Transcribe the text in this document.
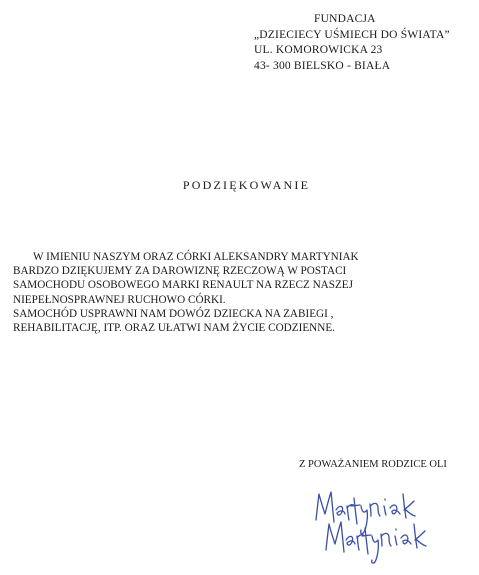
FUNDACJA
„DZIECIECY UŚMIECH DO ŚWIATA”
UL. KOMOROWICKA 23
43- 300 BIELSKO - BIAŁA
PODZIĘKOWANIE
W IMIENIU NASZYM ORAZ CÓRKI ALEKSANDRY MARTYNIAK
BARDZO DZIĘKUJEMY ZA DAROWIZNĘ RZECZOWĄ W POSTACI
SAMOCHODU OSOBOWEGO MARKI RENAULT NA RZECZ NASZEJ
NIEPEŁNOSPRAWNEJ RUCHOWO CÓRKI.
SAMOCHÓD USPRAWNI NAM DOWÓZ DZIECKA NA ZABIEGI ,
REHABILITACJĘ, ITP. ORAZ UŁATWI NAM ŻYCIE CODZIENNE.
Z POWAŻANIEM RODZICE OLI
